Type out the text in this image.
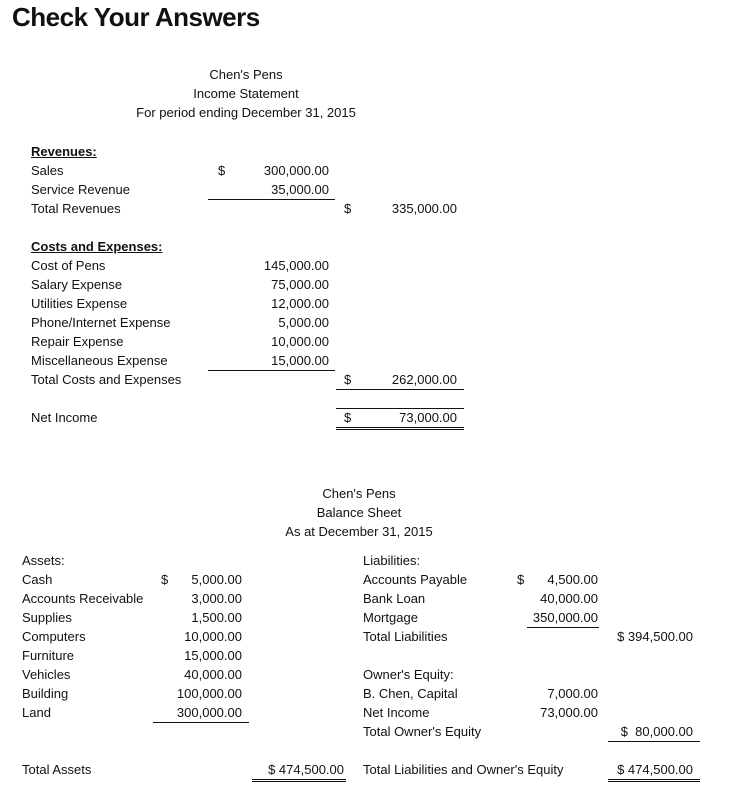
Check Your Answers
Chen's Pens
Income Statement
For period ending December 31, 2015
Revenues:
Sales	$	300,000.00
Service Revenue	35,000.00
Total Revenues	$	335,000.00
Costs and Expenses:
Cost of Pens	145,000.00
Salary Expense	75,000.00
Utilities Expense	12,000.00
Phone/Internet Expense	5,000.00
Repair Expense	10,000.00
Miscellaneous Expense	15,000.00
Total Costs and Expenses	$	262,000.00
Net Income	$	73,000.00
Chen's Pens
Balance Sheet
As at December 31, 2015
Assets:
$
Cash	5,000.00
Accounts Receivable	3,000.00
Supplies	1,500.00
Computers	10,000.00
Furniture	15,000.00
Vehicles	40,000.00
Building	100,000.00
Land	300,000.00
Total Assets	$ 474,500.00
Liabilities:
$
Accounts Payable	4,500.00
Bank Loan	40,000.00
Mortgage	350,000.00
Total Liabilities	$ 394,500.00
Owner's Equity:
B. Chen, Capital	7,000.00
Net Income	73,000.00
Total Owner's Equity	$  80,000.00
Total Liabilities and Owner's Equity	$ 474,500.00
